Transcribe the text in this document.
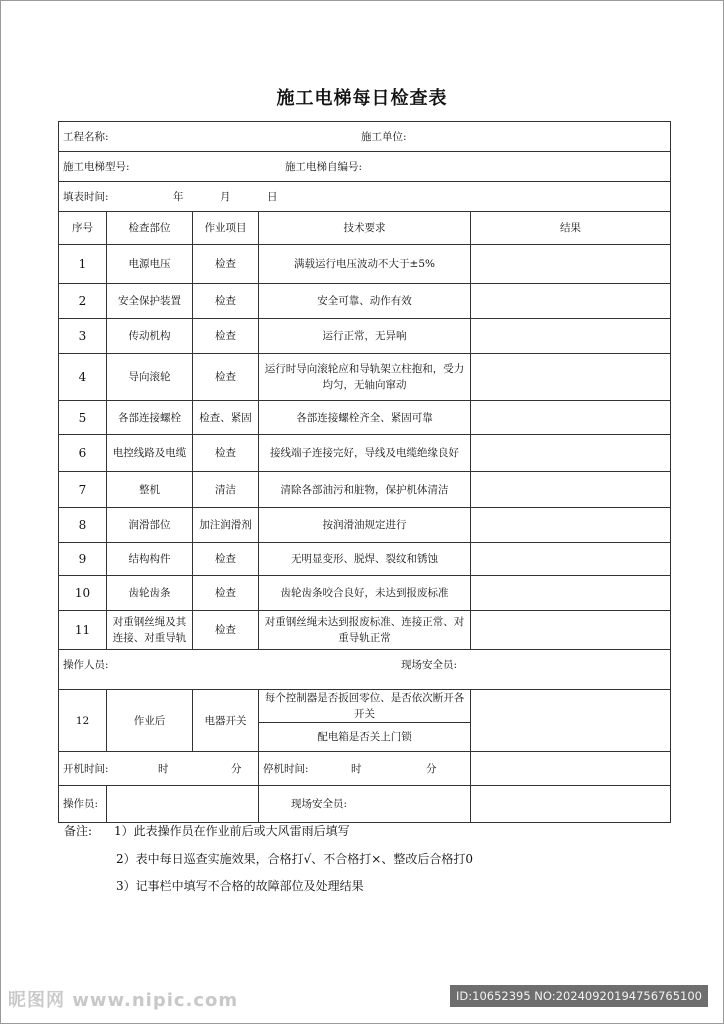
施工电梯每日检查表
工程名称: 施工单位:				
施工电梯型号: 施工电梯自编号:				
填表时间: 年 月 日				
序号	检查部位	作业项目	技术要求	结果
1	电源电压	检查	满载运行电压波动不大于±5%	
2	安全保护装置	检查	安全可靠、动作有效	
3	传动机构	检查	运行正常，无异响	
4	导向滚轮	检查	运行时导向滚轮应和导轨架立柱抱和，受力均匀，无轴向窜动	
5	各部连接螺栓	检查、紧固	各部连接螺栓齐全、紧固可靠	
6	电控线路及电缆	检查	接线端子连接完好，导线及电缆绝缘良好	
7	整机	清洁	清除各部油污和脏物，保护机体清洁	
8	润滑部位	加注润滑剂	按润滑油规定进行	
9	结构构件	检查	无明显变形、脱焊、裂纹和锈蚀	
10	齿轮齿条	检查	齿轮齿条咬合良好，未达到报废标准	
11	对重钢丝绳及其连接、对重导轨	检查	对重钢丝绳未达到报废标准、连接正常、对重导轨正常	
操作人员: 现场安全员:				
12	作业后	电器开关	每个控制器是否扳回零位、是否依次断开各开关	
			配电箱是否关上门锁	
开机时间: 时 分			停机时间: 时 分	
操作员:			现场安全员:	
备注: 1）此表操作员在作业前后或大风雷雨后填写
2）表中每日巡查实施效果，合格打√、不合格打×、整改后合格打0
3）记事栏中填写不合格的故障部位及处理结果
昵图网 www.nipic.com	ID:10652395 NO:20240920194756765100
